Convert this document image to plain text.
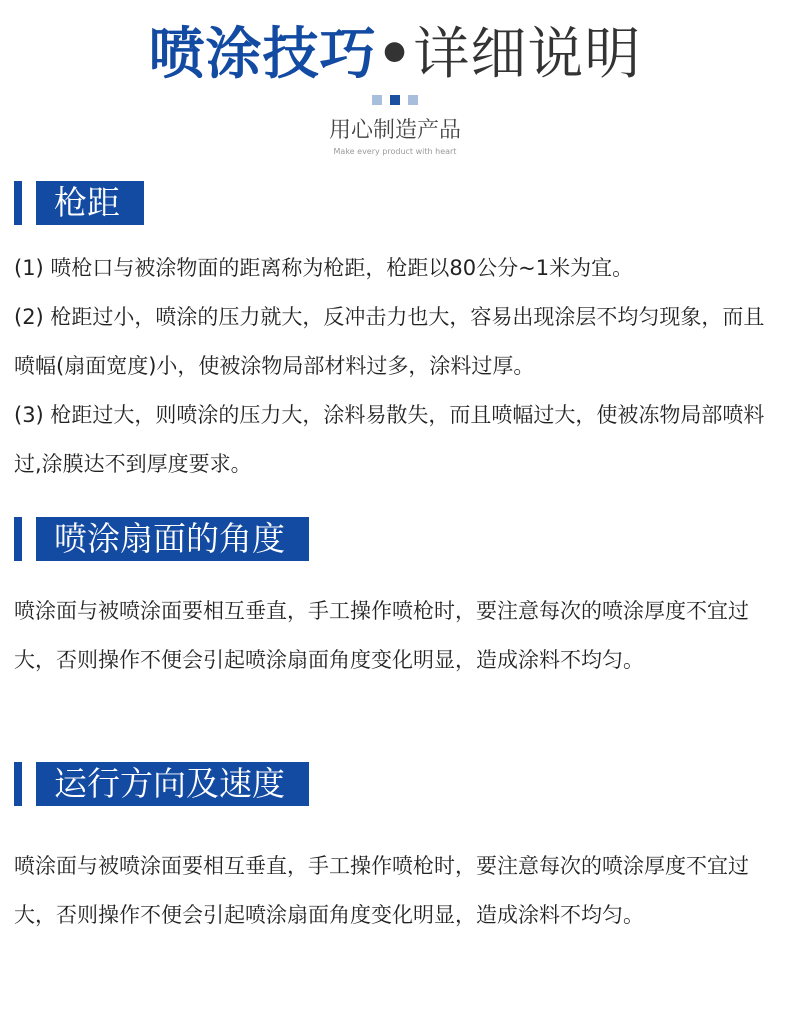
喷涂技巧•详细说明
用心制造产品
Make every product with heart
枪距

(1) 喷枪口与被涂物面的距离称为枪距，枪距以80公分~1米为宜。

(2) 枪距过小，喷涂的压力就大，反冲击力也大，容易出现涂层不均匀现象，而且喷幅(扇面宽度)小，使被涂物局部材料过多，涂料过厚。

(3) 枪距过大，则喷涂的压力大，涂料易散失，而且喷幅过大，使被冻物局部喷料过,涂膜达不到厚度要求。

喷涂扇面的角度

喷涂面与被喷涂面要相互垂直，手工操作喷枪时，要注意每次的喷涂厚度不宜过大，否则操作不便会引起喷涂扇面角度变化明显，造成涂料不均匀。

运行方向及速度

喷涂面与被喷涂面要相互垂直，手工操作喷枪时，要注意每次的喷涂厚度不宜过大，否则操作不便会引起喷涂扇面角度变化明显，造成涂料不均匀。
